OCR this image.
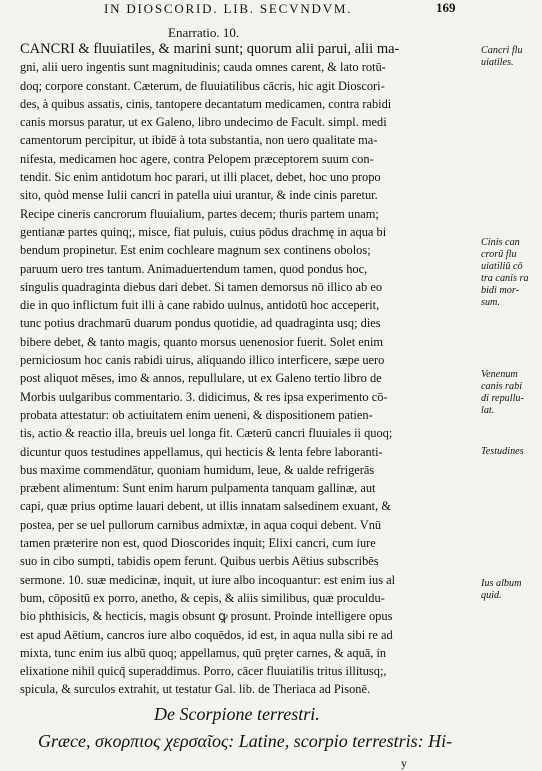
IN DIOSCORID. LIB. SECVNDVM.	169
Enarratio. 10.
CANCRI & fluuiatiles, & marini sunt; quorum alii parui, alii ma-
gni, alii uero ingentis sunt magnitudinis; cauda omnes carent, & lato rotū-
doq; corpore constant. Cæterum, de fluuiatilibus cācris, hic agit Dioscori-
des, à quibus assatis, cinis, tantopere decantatum medicamen, contra rabidi
canis morsus paratur, ut ex Galeno, libro undecimo de Facult. simpl. medi
camentorum percipitur, ut ibidē à tota substantia, non uero qualitate ma-
nifesta, medicamen hoc agere, contra Pelopem præceptorem suum con-
tendit. Sic enim antidotum hoc parari, ut illi placet, debet, hoc uno propo
sito, quòd mense Iulii cancri in patella uiui urantur, & inde cinis paretur.
Recipe cineris cancrorum fluuialium, partes decem; thuris partem unam;
gentianæ partes quinq;, misce, fiat puluis, cuius pōdus drachmę in aqua bi
bendum propinetur. Est enim cochleare magnum sex continens obolos;
paruum uero tres tantum. Animaduertendum tamen, quod pondus hoc,
singulis quadraginta diebus dari debet. Si tamen demorsus nō illico ab eo
die in quo inflictum fuit illi à cane rabido uulnus, antidotū hoc acceperit,
tunc potius drachmarū duarum pondus quotidie, ad quadraginta usq; dies
bibere debet, & tanto magis, quanto morsus uenenosior fuerit. Solet enim
perniciosum hoc canis rabidi uirus, aliquando illico interficere, sæpe uero
post aliquot mēses, imo & annos, repullulare, ut ex Galeno tertio libro de
Morbis uulgaribus commentario. 3. didicimus, & res ipsa experimento cō-
probata attestatur: ob actiuitatem enim ueneni, & dispositionem patien-
tis, actio & reactio illa, breuis uel longa fit. Cæterū cancri fluuiales ii quoq;
dicuntur quos testudines appellamus, qui hecticis & lenta febre laboranti-
bus maxime commendātur, quoniam humidum, leue, & ualde refrigerās
præbent alimentum: Sunt enim harum pulpamenta tanquam gallinæ, aut
capi, quæ prius optime lauari debent, ut illis innatam salsedinem exuant, &
postea, per se uel pullorum carnibus admixtæ, in aqua coqui debent. Vnū
tamen præterire non est, quod Dioscorides inquit; Elixi cancri, cum iure
suo in cibo sumpti, tabidis opem ferunt. Quibus uerbis Aëtius subscribēs
sermone. 10. suæ medicinæ, inquit, ut iure albo incoquantur: est enim ius al
bum, cōpositū ex porro, anetho, & cepis, & aliis similibus, quæ proculdu-
bio phthisicis, & hecticis, magis obsunt ꝙ prosunt. Proinde intelligere opus
est apud Aëtium, cancros iure albo coquēdos, id est, in aqua nulla sibi re ad
mixta, tunc enim ius albū quoq; appellamus, quū prȩter carnes, & aquā, in
elixatione nihil quicq̄ superaddimus. Porro, cācer fluuiatilis tritus illitusq;,
spicula, & surculos extrahit, ut testatur Gal. lib. de Theriaca ad Pisonē.
Cancri flu
uiatiles.
Cinis can
crorū flu
uiatiliū cō
tra canis ra
bidi mor-
sum.
Venenum
canis rabi
di repullu-
lat.
Testudines
Ius album
quid.
De Scorpione terrestri.
Græce, σκορπιος χερσαῖος: Latine, scorpio terrestris: Hi-
y
